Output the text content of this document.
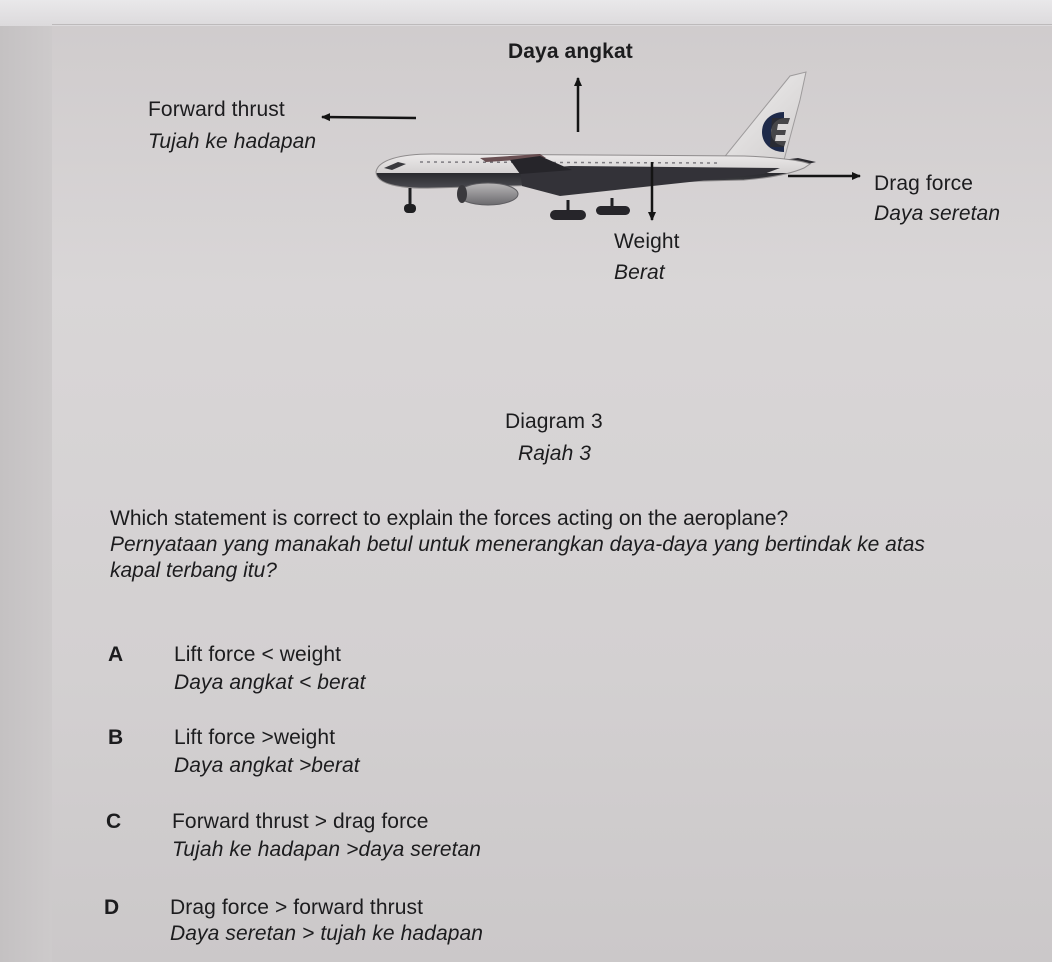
Daya angkat
Forward thrust
Tujah ke hadapan
Drag force
Daya seretan
Weight
Berat
Diagram 3
Rajah 3
Which statement is correct to explain the forces acting on the aeroplane?
Pernyataan yang manakah betul untuk menerangkan daya-daya yang bertindak ke atas
kapal terbang itu?
A Lift force < weight
Daya angkat < berat
B Lift force >weight
Daya angkat >berat
C Forward thrust > drag force
Tujah ke hadapan >daya seretan
D Drag force > forward thrust
Daya seretan > tujah ke hadapan
